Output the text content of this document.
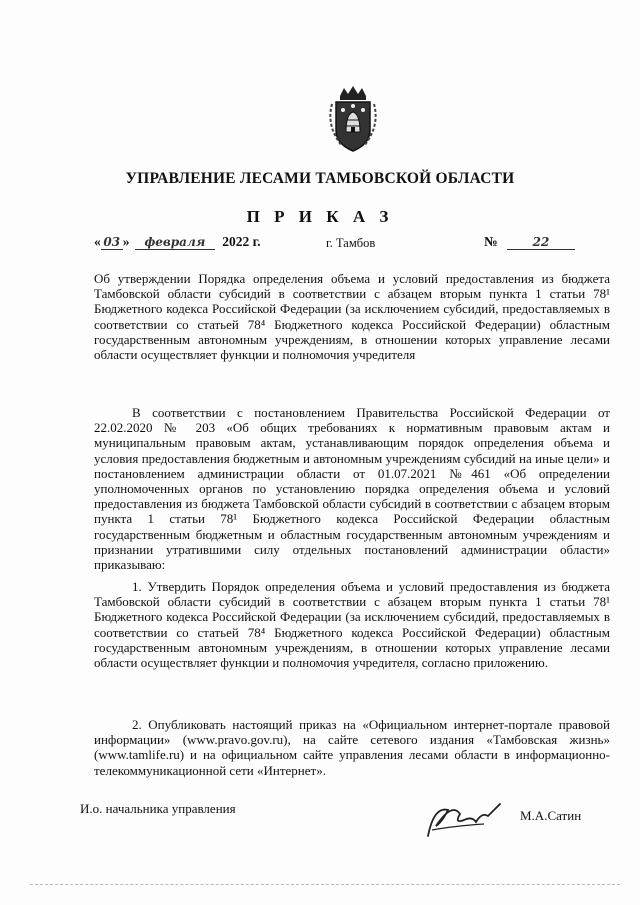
УПРАВЛЕНИЕ ЛЕСАМИ ТАМБОВСКОЙ ОБЛАСТИ
П Р И К А З
« 03 » февраля 2022 г.	г. Тамбов	№	22
Об утверждении Порядка определения объема и условий предоставления из бюджета Тамбовской области субсидий в соответствии с абзацем вторым пункта 1 статьи 78¹ Бюджетного кодекса Российской Федерации (за исключением субсидий, предоставляемых в соответствии со статьей 78⁴ Бюджетного кодекса Российской Федерации) областным государственным автономным учреждениям, в отношении которых управление лесами области осуществляет функции и полномочия учредителя
В соответствии с постановлением Правительства Российской Федерации от 22.02.2020 № 203 «Об общих требованиях к нормативным правовым актам и муниципальным правовым актам, устанавливающим порядок определения объема и условия предоставления бюджетным и автономным учреждениям субсидий на иные цели» и постановлением администрации области от 01.07.2021 №461 «Об определении уполномоченных органов по установлению порядка определения объема и условий предоставления из бюджета Тамбовской области субсидий в соответствии с абзацем вторым пункта 1 статьи 78¹ Бюджетного кодекса Российской Федерации областным государственным бюджетным и областным государственным автономным учреждениям и признании утратившими силу отдельных постановлений администрации области» приказываю:
1. Утвердить Порядок определения объема и условий предоставления из бюджета Тамбовской области субсидий в соответствии с абзацем вторым пункта 1 статьи 78¹ Бюджетного кодекса Российской Федерации (за исключением субсидий, предоставляемых в соответствии со статьей 78⁴ Бюджетного кодекса Российской Федерации) областным государственным автономным учреждениям, в отношении которых управление лесами области осуществляет функции и полномочия учредителя, согласно приложению.
2. Опубликовать настоящий приказ на «Официальном интернет-портале правовой информации» (www.pravo.gov.ru), на сайте сетевого издания «Тамбовская жизнь» (www.tamlife.ru) и на официальном сайте управления лесами области в информационно-телекоммуникационной сети «Интернет».
И.о. начальника управления	М.А.Сатин
